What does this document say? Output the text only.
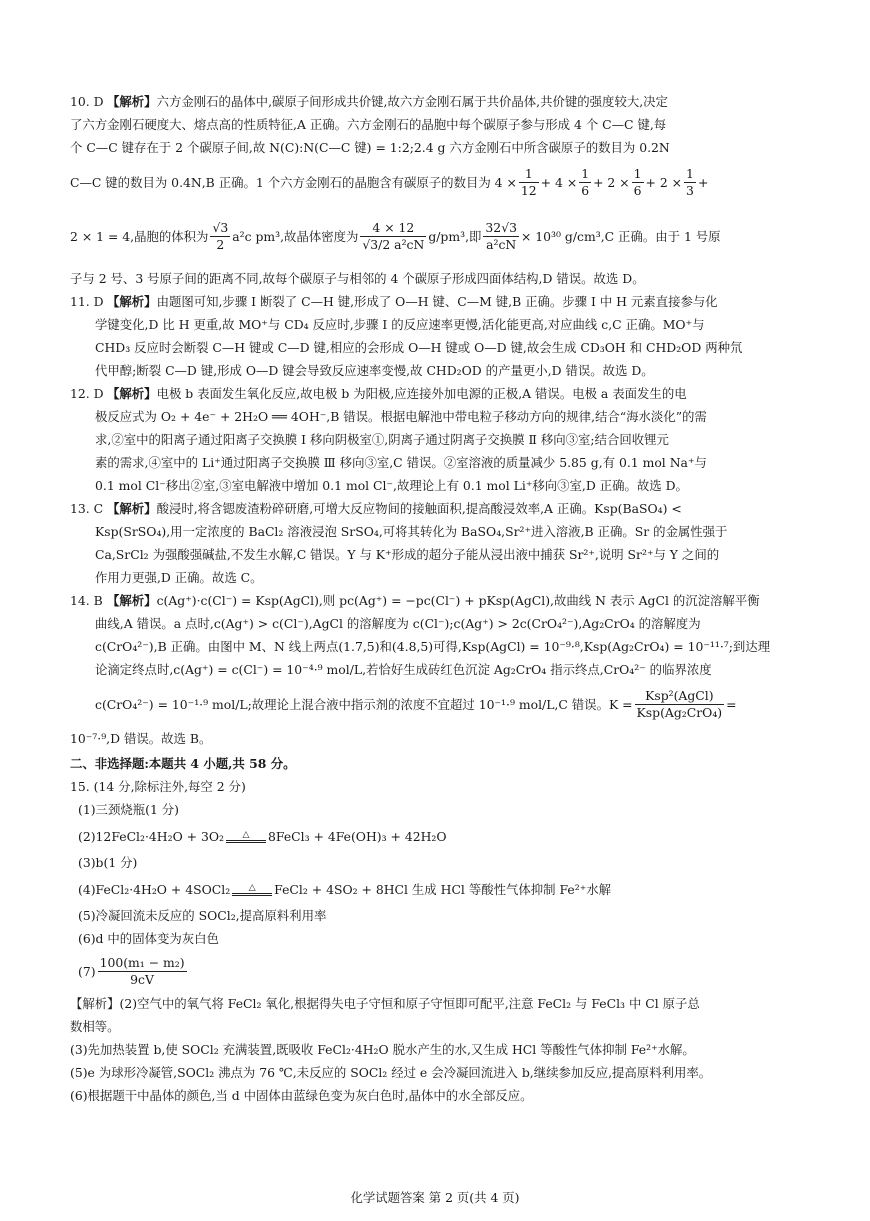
10. D 【解析】六方金刚石的晶体中,碳原子间形成共价键,故六方金刚石属于共价晶体,共价键的强度较大,决定
了六方金刚石硬度大、熔点高的性质特征,A 正确。六方金刚石的晶胞中每个碳原子参与形成 4 个 C—C 键,每
个 C—C 键存在于 2 个碳原子间,故 N(C):N(C—C 键) = 1:2;2.4 g 六方金刚石中所含碳原子的数目为 0.2N
C—C 键的数目为 0.4N ,B 正确。1 个六方金刚石的晶胞含有碳原子的数目为 $4 \times \frac{1}{12} + 4 \times \frac{1}{6} + 2 \times \frac{1}{6} + 2 \times \frac{1}{3}$ +
2 × 1 = 4,晶胞的体积为 $\frac{√3}{2} a^2c$ pm³,故晶体密度为 $\frac{4 \times 12}{\text{√3/2 a²cN}} g/pm^3$,即 $\frac{32√3}{\text{a²cN}} \times 10^{30}$ g/cm³,C 正确。由于 1 号原
子与 2 号、3 号原子间的距离不同,故每个碳原子与相邻的 4 个碳原子形成四面体结构,D 错误。故选 D。
11. D 【解析】由题图可知,步骤 Ⅰ 断裂了 C—H 键,形成了 O—H 键、C—M 键,B 正确。步骤 Ⅰ 中 H 元素直接参与化
学键变化,D 比 H 更重,故 MO⁺与 CD₄ 反应时,步骤 Ⅰ 的反应速率更慢,活化能更高,对应曲线 c,C 正确。MO⁺与
CHD₃ 反应时会断裂 C—H 键或 C—D 键,相应的会形成 O—H 键或 O—D 键,故会生成 CD₃OH 和 CHD₂OD 两种氘
代甲醇;断裂 C—D 键,形成 O—D 键会导致反应速率变慢,故 CHD₂OD 的产量更小,D 错误。故选 D。
12. D 【解析】电极 b 表面发生氧化反应,故电极 b 为阳极,应连接外加电源的正极,A 错误。电极 a 表面发生的电
极反应式为 O₂ + 4e⁻ + 2H₂O ══ 4OH⁻,B 错误。根据电解池中带电粒子移动方向的规律,结合“海水淡化”的需
求,②室中的阳离子通过阳离子交换膜 Ⅰ 移向阴极室①,阴离子通过阴离子交换膜 Ⅱ 移向③室;结合回收锂元
素的需求,④室中的 Li⁺通过阳离子交换膜 Ⅲ 移向③室,C 错误。②室溶液的质量减少 5.85 g,有 0.1 mol Na⁺与
0.1 mol Cl⁻移出②室,③室电解液中增加 0.1 mol Cl⁻,故理论上有 0.1 mol Li⁺移向③室,D 正确。故选 D。
13. C 【解析】酸浸时,将含锶废渣粉碎研磨,可增大反应物间的接触面积,提高酸浸效率,A 正确。Ksp(BaSO₄) <
Ksp(SrSO₄),用一定浓度的 BaCl₂ 溶液浸泡 SrSO₄,可将其转化为 BaSO₄,Sr²⁺进入溶液,B 正确。Sr 的金属性强于
Ca,SrCl₂ 为强酸强碱盐,不发生水解,C 错误。Y 与 K⁺形成的超分子能从浸出液中捕获 Sr²⁺,说明 Sr²⁺与 Y 之间的
作用力更强,D 正确。故选 C。
14. B 【解析】c(Ag⁺)·c(Cl⁻) = Ksp(AgCl),则 pc(Ag⁺) = −pc(Cl⁻) + pKsp(AgCl),故曲线 N 表示 AgCl 的沉淀溶解平衡
曲线,A 错误。a 点时,c(Ag⁺) > c(Cl⁻),AgCl 的溶解度为 c(Cl⁻);c(Ag⁺) > 2c(CrO₄²⁻),Ag₂CrO₄ 的溶解度为
c(CrO₄²⁻),B 正确。由图中 M、N 线上两点(1.7,5)和(4.8,5)可得,Ksp(AgCl) = 10⁻⁹·⁸,Ksp(Ag₂CrO₄) = 10⁻¹¹·⁷;到达理
论滴定终点时,c(Ag⁺) = c(Cl⁻) = 10⁻⁴·⁹ mol/L,若恰好生成砖红色沉淀 Ag₂CrO₄ 指示终点,CrO₄²⁻ 的临界浓度
c(CrO₄²⁻) = 10⁻¹·⁹ mol/L;故理论上混合液中指示剂的浓度不宜超过 10⁻¹·⁹ mol/L,C 错误。$K = \frac{\text{Ksp²(AgCl)}}{\text{Ksp(Ag₂CrO₄)}}$ =
10⁻⁷·⁹,D 错误。故选 B。
二、非选择题:本题共 4 小题,共 58 分。
15. (14 分,除标注外,每空 2 分)
(1)三颈烧瓶(1 分)
(2)12FeCl₂·4H₂O + 3O₂ △ 8FeCl₃ + 4Fe(OH)₃ + 42H₂O
(3)b(1 分)
(4)FeCl₂·4H₂O + 4SOCl₂ △ FeCl₂ + 4SO₂ + 8HCl 生成 HCl 等酸性气体抑制 Fe²⁺水解
(5)冷凝回流未反应的 SOCl₂,提高原料利用率
(6)d 中的固体变为灰白色
$(7) \frac{\text{100(m₁ − m₂)}}{9cV}$
【解析】(2)空气中的氧气将 FeCl₂ 氧化,根据得失电子守恒和原子守恒即可配平,注意 FeCl₂ 与 FeCl₃ 中 Cl 原子总
数相等。
(3)先加热装置 b,使 SOCl₂ 充满装置,既吸收 FeCl₂·4H₂O 脱水产生的水,又生成 HCl 等酸性气体抑制 Fe²⁺水解。
(5)e 为球形冷凝管,SOCl₂ 沸点为 76 ℃,未反应的 SOCl₂ 经过 e 会冷凝回流进入 b,继续参加反应,提高原料利用率。
(6)根据题干中晶体的颜色,当 d 中固体由蓝绿色变为灰白色时,晶体中的水全部反应。
化学试题答案 第 2 页(共 4 页)
